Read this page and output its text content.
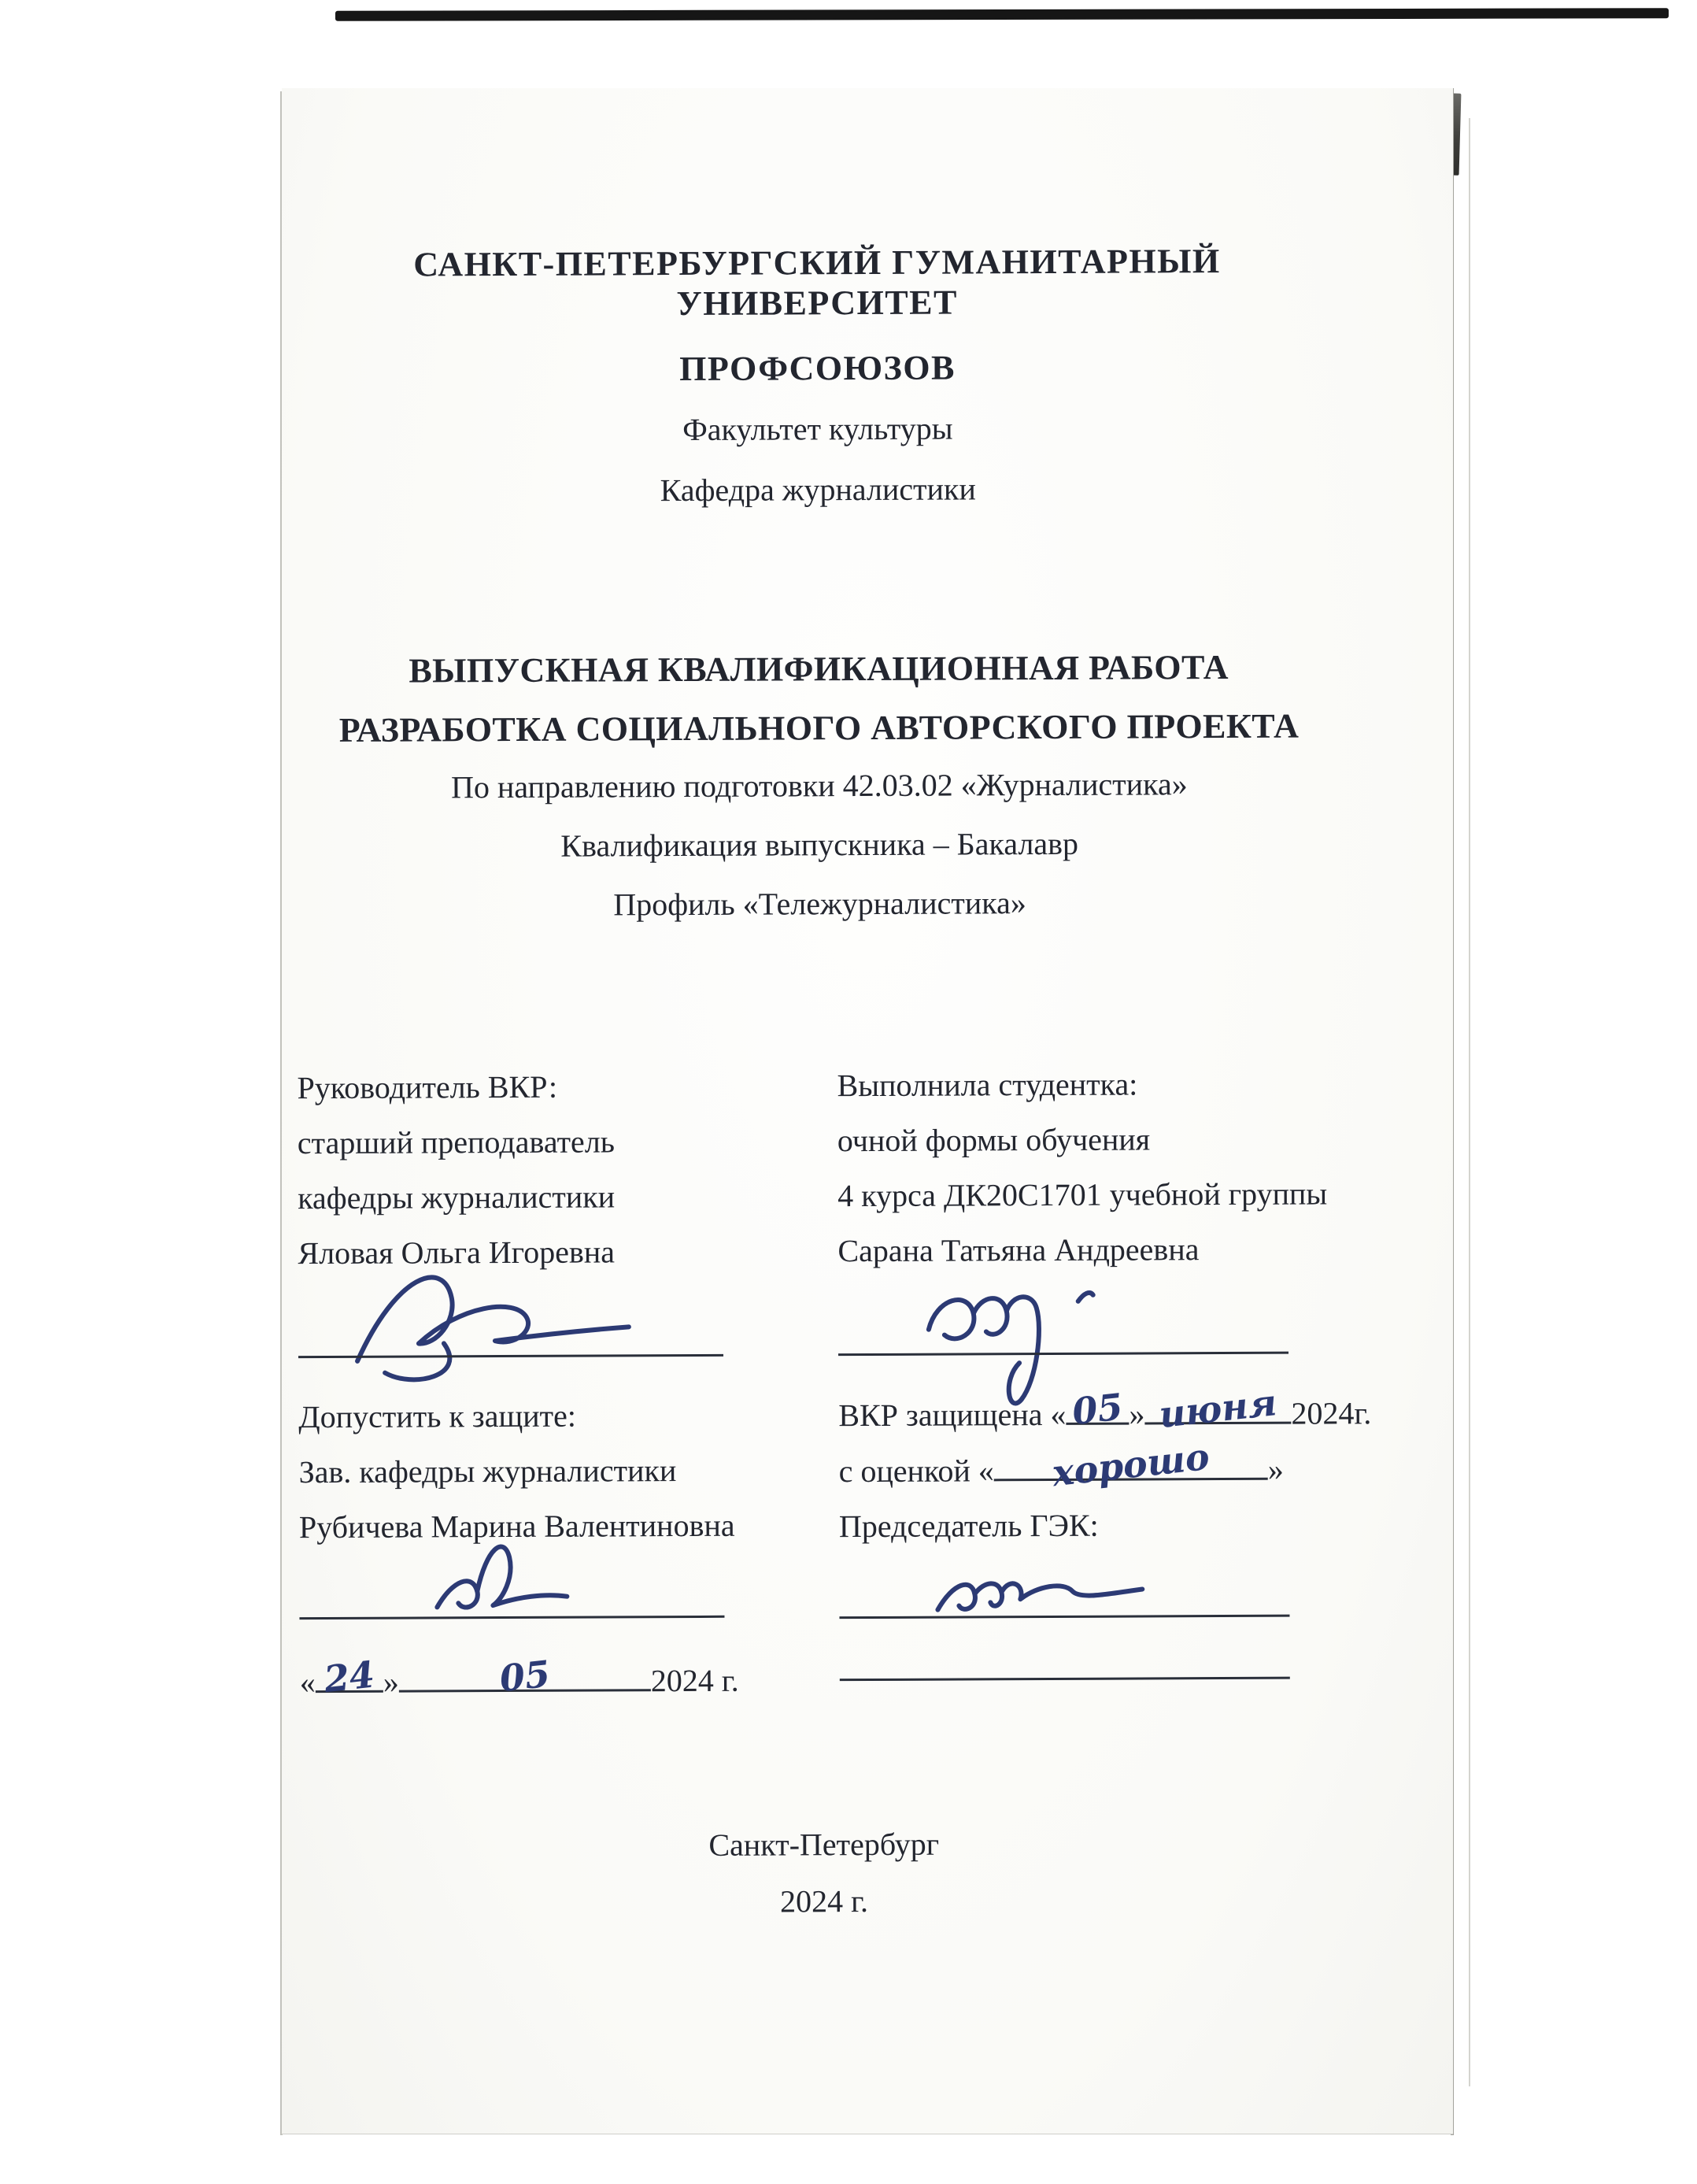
САНКТ-ПЕТЕРБУРГСКИЙ ГУМАНИТАРНЫЙ УНИВЕРСИТЕТ
ПРОФСОЮЗОВ
Факультет культуры
Кафедра журналистики
ВЫПУСКНАЯ КВАЛИФИКАЦИОННАЯ РАБОТА
РАЗРАБОТКА СОЦИАЛЬНОГО АВТОРСКОГО ПРОЕКТА
По направлению подготовки 42.03.02 «Журналистика»
Квалификация выпускника – Бакалавр
Профиль «Тележурналистика»
Руководитель ВКР:
старший преподаватель
кафедры журналистики
Яловая Ольга Игоревна
Выполнила студентка:
очной формы обучения
4 курса ДК20С1701 учебной группы
Сарана Татьяна Андреевна
Допустить к защите:
Зав. кафедры журналистики
Рубичева Марина Валентиновна
« 24 »	05	2024 г.
ВКР защищена « 05 » июня 2024г.
с оценкой « хорошо »
Председатель ГЭК:
Санкт-Петербург
2024 г.
